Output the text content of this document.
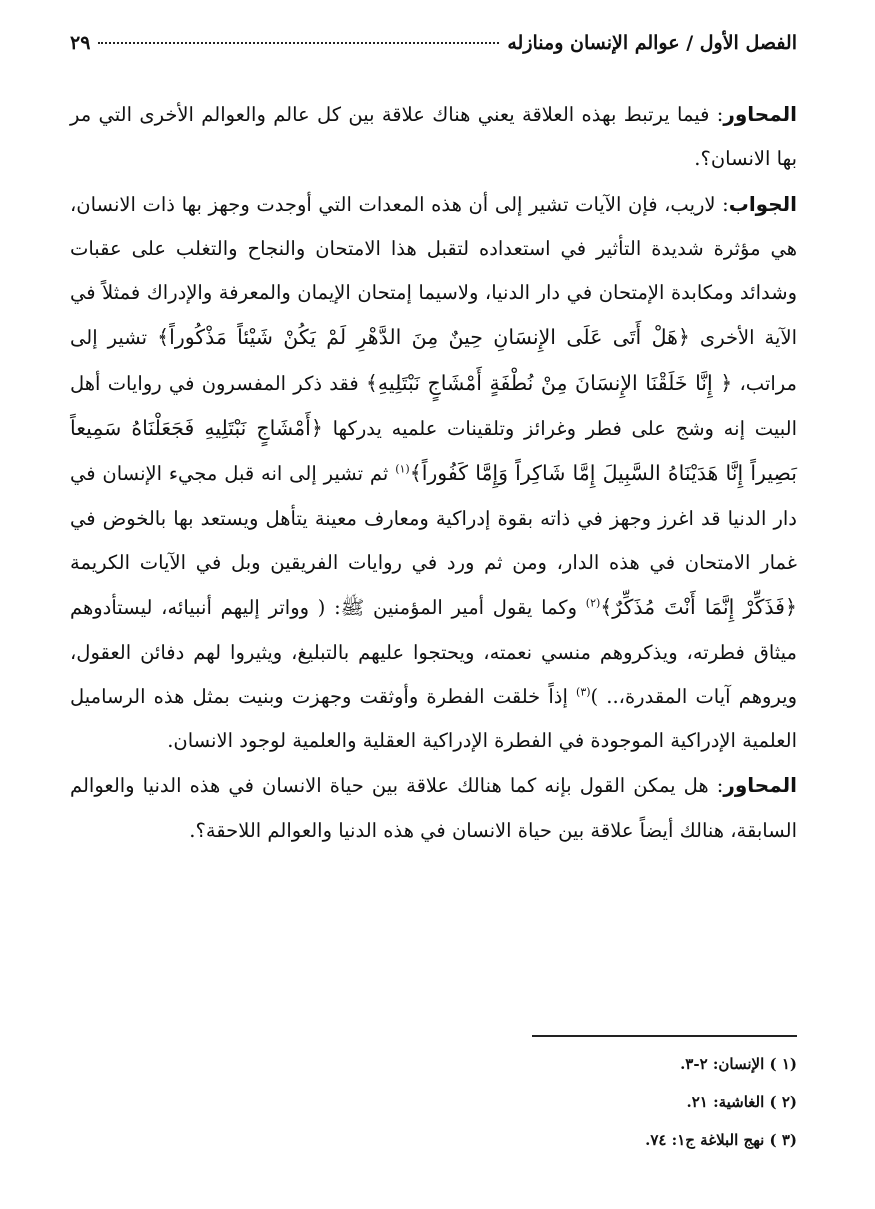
الفصل الأول / عوالم الإنسان ومنازله
٢٩

المحاور: فيما يرتبط بهذه العلاقة يعني هناك علاقة بين كل عالم والعوالم الأخرى التي مر بها الانسان؟.

الجواب: لاريب، فإن الآيات تشير إلى أن هذه المعدات التي أوجدت وجهز بها ذات الانسان، هي مؤثرة شديدة التأثير في استعداده لتقبل هذا الامتحان والنجاح والتغلب على عقبات وشدائد ومكابدة الإمتحان في دار الدنيا، ولاسيما إمتحان الإيمان والمعرفة والإدراك فمثلاً في الآية الأخرى ﴿هَلْ أَتَى عَلَى الإِنسَانِ حِينٌ مِنَ الدَّهْرِ لَمْ يَكُنْ شَيْئاً مَذْكُوراً﴾ تشير إلى مراتب، ﴿ إِنَّا خَلَقْنَا الإِنسَانَ مِنْ نُطْفَةٍ أَمْشَاجٍ نَبْتَلِيهِ﴾ فقد ذكر المفسرون في روايات أهل البيت إنه وشج على فطر وغرائز وتلقينات علميه يدركها ﴿أَمْشَاجٍ نَبْتَلِيهِ فَجَعَلْنَاهُ سَمِيعاً بَصِيراً إِنَّا هَدَيْنَاهُ السَّبِيلَ إِمَّا شَاكِراً وَإِمَّا كَفُوراً﴾$^{(١)}$ ثم تشير إلى انه قبل مجيء الإنسان في دار الدنيا قد اغرز وجهز في ذاته بقوة إدراكية ومعارف معينة يتأهل ويستعد بها بالخوض في غمار الامتحان في هذه الدار، ومن ثم ورد في روايات الفريقين وبل في الآيات الكريمة ﴿فَذَكِّرْ إِنَّمَا أَنْتَ مُذَكِّرٌ﴾$^{(٢)}$ وكما يقول أمير المؤمنين ﷺ: ( وواتر إليهم أنبيائه، ليستأدوهم ميثاق فطرته، ويذكروهم منسي نعمته، ويحتجوا عليهم بالتبليغ، ويثيروا لهم دفائن العقول، ويروهم آيات المقدرة،.. )$^{(٣)}$ إذاً خلقت الفطرة وأوثقت وجهزت وبنيت بمثل هذه الرساميل العلمية الإدراكية الموجودة في الفطرة الإدراكية العقلية والعلمية لوجود الانسان.

المحاور: هل يمكن القول بإنه كما هنالك علاقة بين حياة الانسان في هذه الدنيا والعوالم السابقة، هنالك أيضاً علاقة بين حياة الانسان في هذه الدنيا والعوالم اللاحقة؟.

(١ ) الإنسان: ٢-٣.
(٢ ) الغاشية: ٢١.
(٣ ) نهج البلاغة ج١: ٧٤.
